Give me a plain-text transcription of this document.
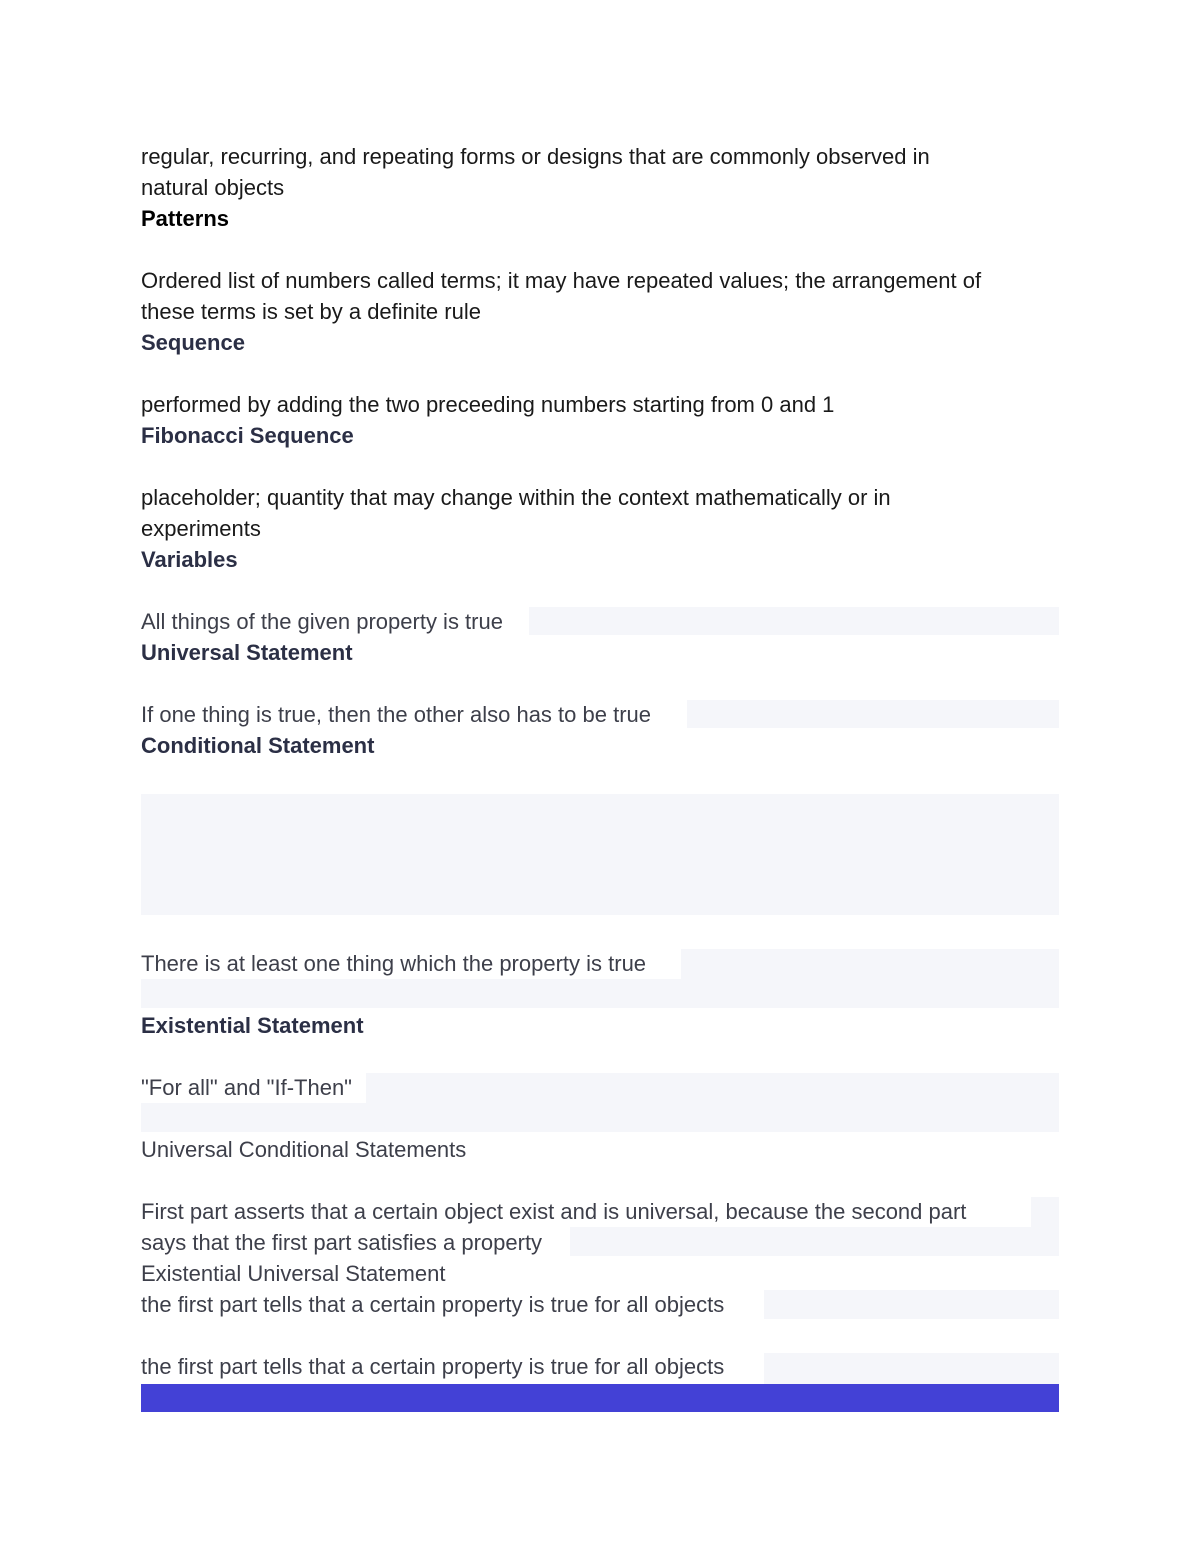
regular, recurring, and repeating forms or designs that are commonly observed in
natural objects
Patterns
Ordered list of numbers called terms; it may have repeated values; the arrangement of
these terms is set by a definite rule
Sequence
performed by adding the two preceeding numbers starting from 0 and 1
Fibonacci Sequence
placeholder; quantity that may change within the context mathematically or in
experiments
Variables
All things of the given property is true
Universal Statement
If one thing is true, then the other also has to be true
Conditional Statement
There is at least one thing which the property is true
Existential Statement
"For all" and "If-Then"
Universal Conditional Statements
First part asserts that a certain object exist and is universal, because the second part
says that the first part satisfies a property
Existential Universal Statement
the first part tells that a certain property is true for all objects
the first part tells that a certain property is true for all objects
